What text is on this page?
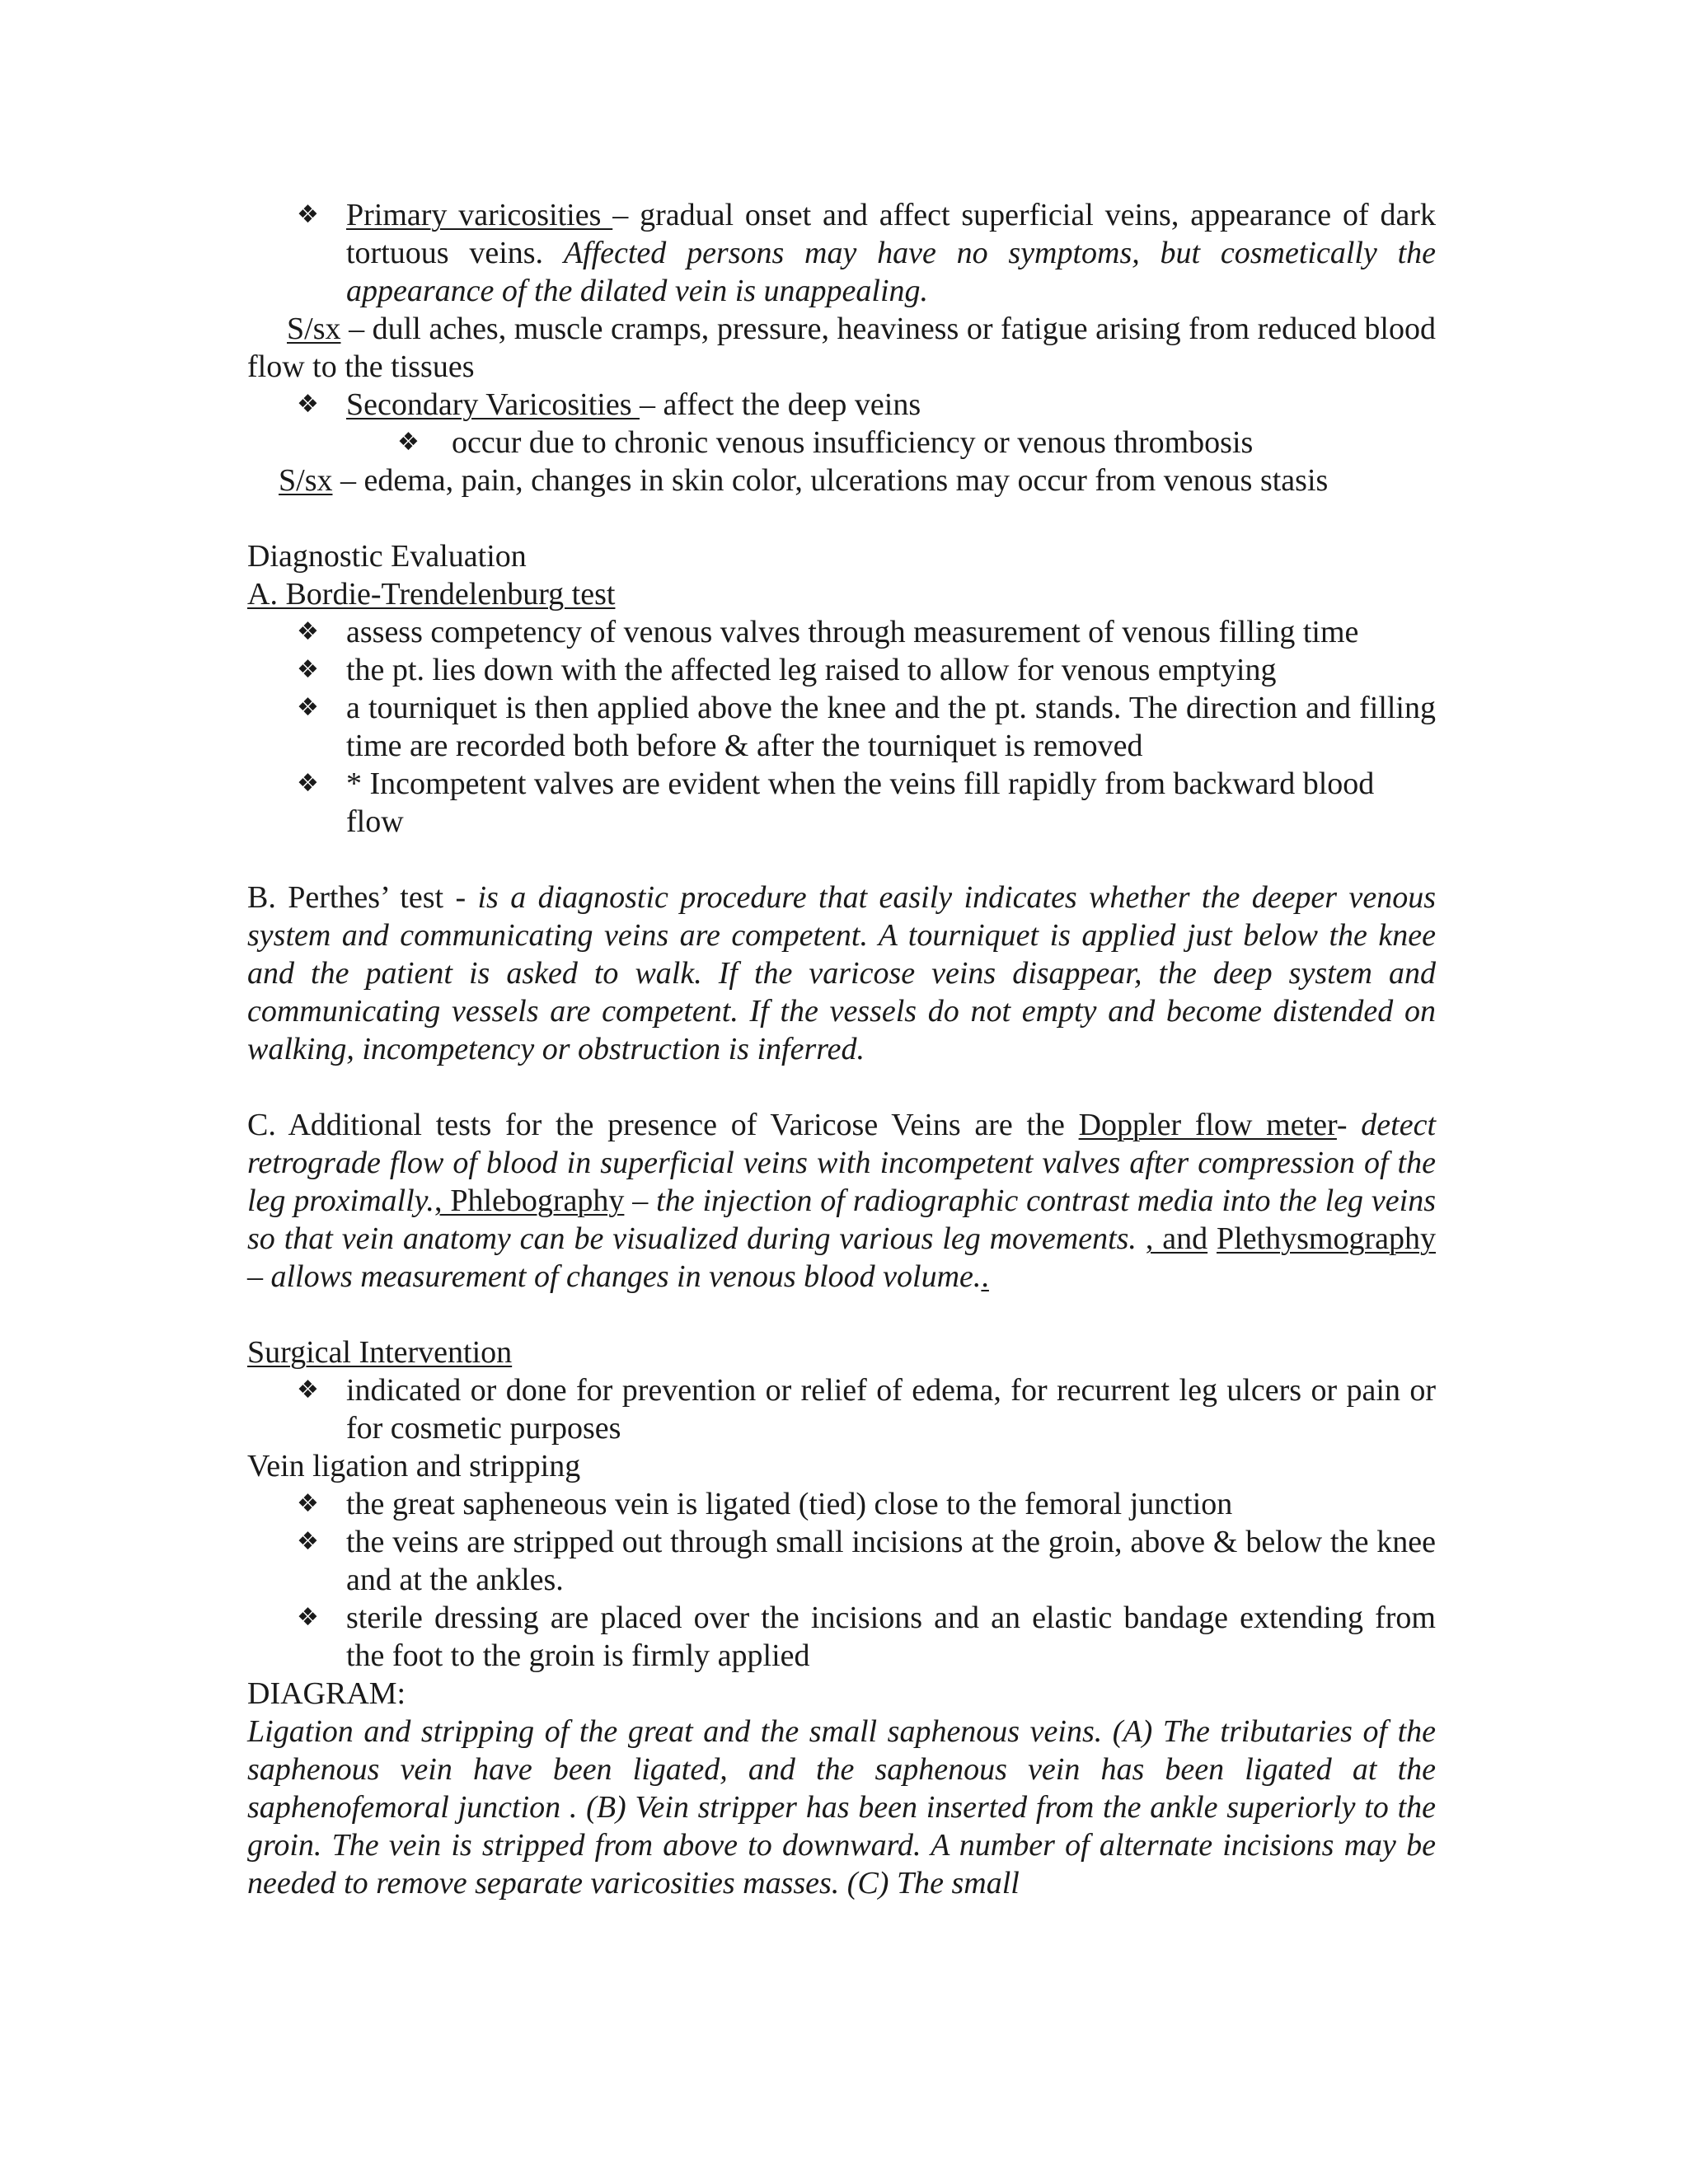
❖ Primary varicosities – gradual onset and affect superficial veins, appearance of dark tortuous veins. Affected persons may have no symptoms, but cosmetically the appearance of the dilated vein is unappealing.
S/sx – dull aches, muscle cramps, pressure, heaviness or fatigue arising from reduced blood flow to the tissues
❖ Secondary Varicosities – affect the deep veins
❖ occur due to chronic venous insufficiency or venous thrombosis
S/sx – edema, pain, changes in skin color, ulcerations may occur from venous stasis
Diagnostic Evaluation
A. Bordie-Trendelenburg test
❖ assess competency of venous valves through measurement of venous filling time
❖ the pt. lies down with the affected leg raised to allow for venous emptying
❖ a tourniquet is then applied above the knee and the pt. stands. The direction and filling time are recorded both before & after the tourniquet is removed
❖ * Incompetent valves are evident when the veins fill rapidly from backward blood flow
B. Perthes’ test - is a diagnostic procedure that easily indicates whether the deeper venous system and communicating veins are competent. A tourniquet is applied just below the knee and the patient is asked to walk. If the varicose veins disappear, the deep system and communicating vessels are competent. If the vessels do not empty and become distended on walking, incompetency or obstruction is inferred.
C. Additional tests for the presence of Varicose Veins are the Doppler flow meter- detect retrograde flow of blood in superficial veins with incompetent valves after compression of the leg proximally., Phlebography – the injection of radiographic contrast media into the leg veins so that vein anatomy can be visualized during various leg movements. , and Plethysmography – allows measurement of changes in venous blood volume..
Surgical Intervention
❖ indicated or done for prevention or relief of edema, for recurrent leg ulcers or pain or for cosmetic purposes
Vein ligation and stripping
❖ the great sapheneous vein is ligated (tied) close to the femoral junction
❖ the veins are stripped out through small incisions at the groin, above & below the knee and at the ankles.
❖ sterile dressing are placed over the incisions and an elastic bandage extending from the foot to the groin is firmly applied
DIAGRAM:
Ligation and stripping of the great and the small saphenous veins. (A) The tributaries of the saphenous vein have been ligated, and the saphenous vein has been ligated at the saphenofemoral junction . (B) Vein stripper has been inserted from the ankle superiorly to the groin. The vein is stripped from above to downward. A number of alternate incisions may be needed to remove separate varicosities masses. (C) The small
